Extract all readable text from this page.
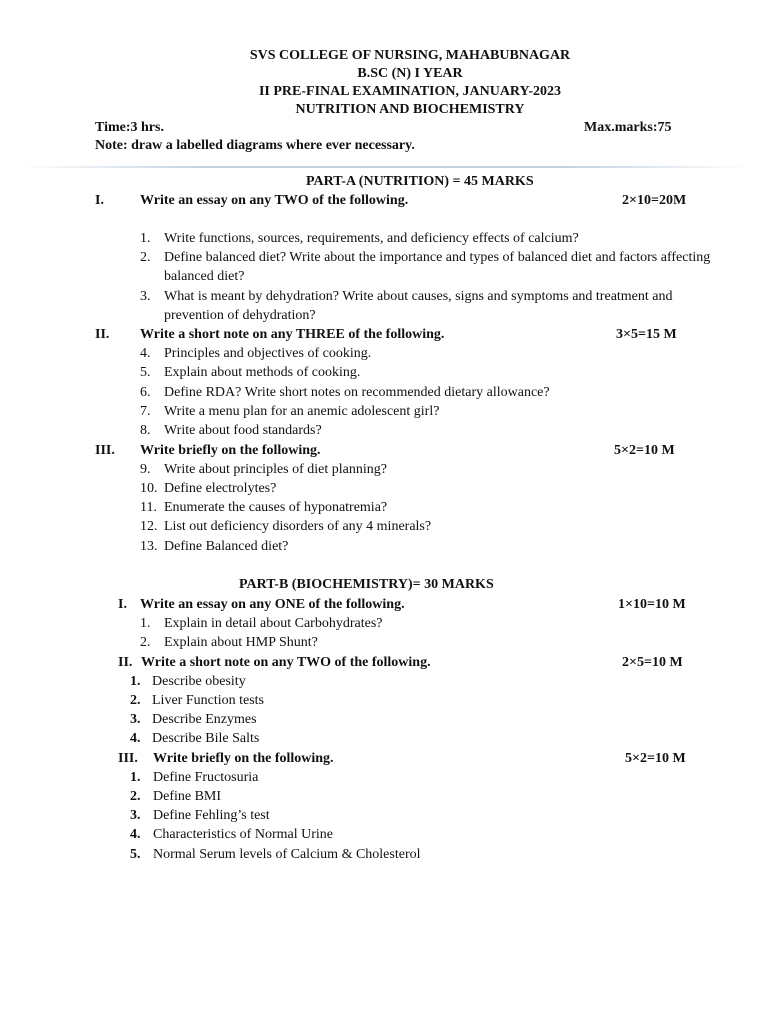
SVS COLLEGE OF NURSING, MAHABUBNAGAR
B.SC (N) I YEAR
II PRE-FINAL EXAMINATION, JANUARY-2023
NUTRITION AND BIOCHEMISTRY
Time:3 hrs.	Max.marks:75
Note: draw a labelled diagrams where ever necessary.
PART-A (NUTRITION) = 45 MARKS
I.	Write an essay on any TWO of the following.	2×10=20M
1. Write functions, sources, requirements, and deficiency effects of calcium?
2. Define balanced diet? Write about the importance and types of balanced diet and factors affecting balanced diet?
3. What is meant by dehydration? Write about causes, signs and symptoms and treatment and prevention of dehydration?
II. Write a short note on any THREE of the following.	3×5=15 M
4. Principles and objectives of cooking.
5. Explain about methods of cooking.
6. Define RDA? Write short notes on recommended dietary allowance?
7. Write a menu plan for an anemic adolescent girl?
8. Write about food standards?
III. Write briefly on the following.	5×2=10 M
9. Write about principles of diet planning?
10. Define electrolytes?
11. Enumerate the causes of hyponatremia?
12. List out deficiency disorders of any 4 minerals?
13. Define Balanced diet?
PART-B (BIOCHEMISTRY)= 30 MARKS
I. Write an essay on any ONE of the following.	1×10=10 M
1. Explain in detail about Carbohydrates?
2. Explain about HMP Shunt?
II. Write a short note on any TWO of the following.	2×5=10 M
1. Describe obesity
2. Liver Function tests
3. Describe Enzymes
4. Describe Bile Salts
III. Write briefly on the following.	5×2=10 M
1. Define Fructosuria
2. Define BMI
3. Define Fehling’s test
4. Characteristics of Normal Urine
5. Normal Serum levels of Calcium & Cholesterol
